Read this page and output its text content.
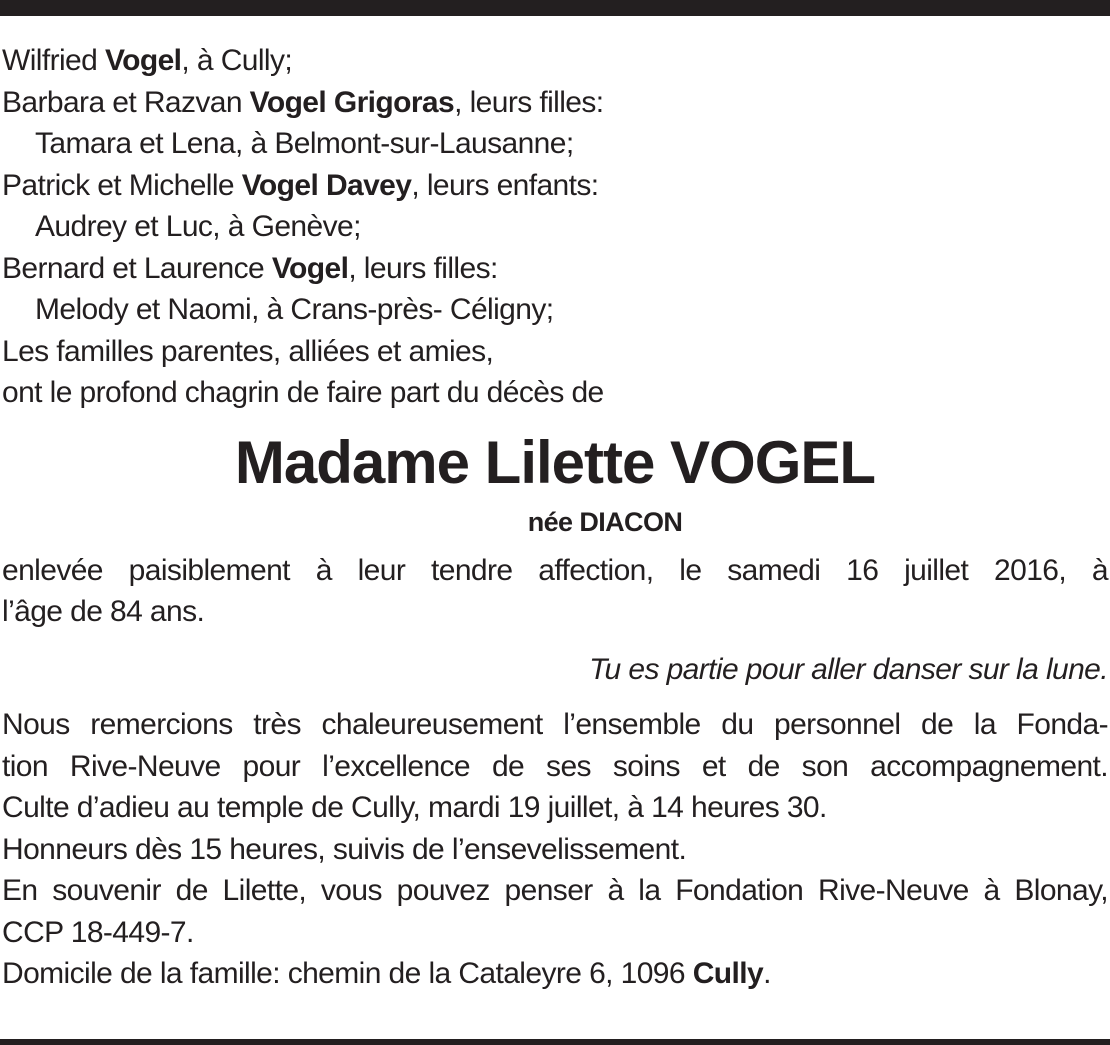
Wilfried Vogel, à Cully;
Barbara et Razvan Vogel Grigoras, leurs filles:
Tamara et Lena, à Belmont-sur-Lausanne;
Patrick et Michelle Vogel Davey, leurs enfants:
Audrey et Luc, à Genève;
Bernard et Laurence Vogel, leurs filles:
Melody et Naomi, à Crans-près- Céligny;
Les familles parentes, alliées et amies,
ont le profond chagrin de faire part du décès de
Madame Lilette VOGEL
née DIACON
enlevée paisiblement à leur tendre affection, le samedi 16 juillet 2016, à
l’âge de 84 ans.
Tu es partie pour aller danser sur la lune.
Nous remercions très chaleureusement l’ensemble du personnel de la Fonda-
tion Rive-Neuve pour l’excellence de ses soins et de son accompagnement.
Culte d’adieu au temple de Cully, mardi 19 juillet, à 14 heures 30.
Honneurs dès 15 heures, suivis de l’ensevelissement.
En souvenir de Lilette, vous pouvez penser à la Fondation Rive-Neuve à Blonay,
CCP 18-449-7.
Domicile de la famille: chemin de la Cataleyre 6, 1096 Cully.
